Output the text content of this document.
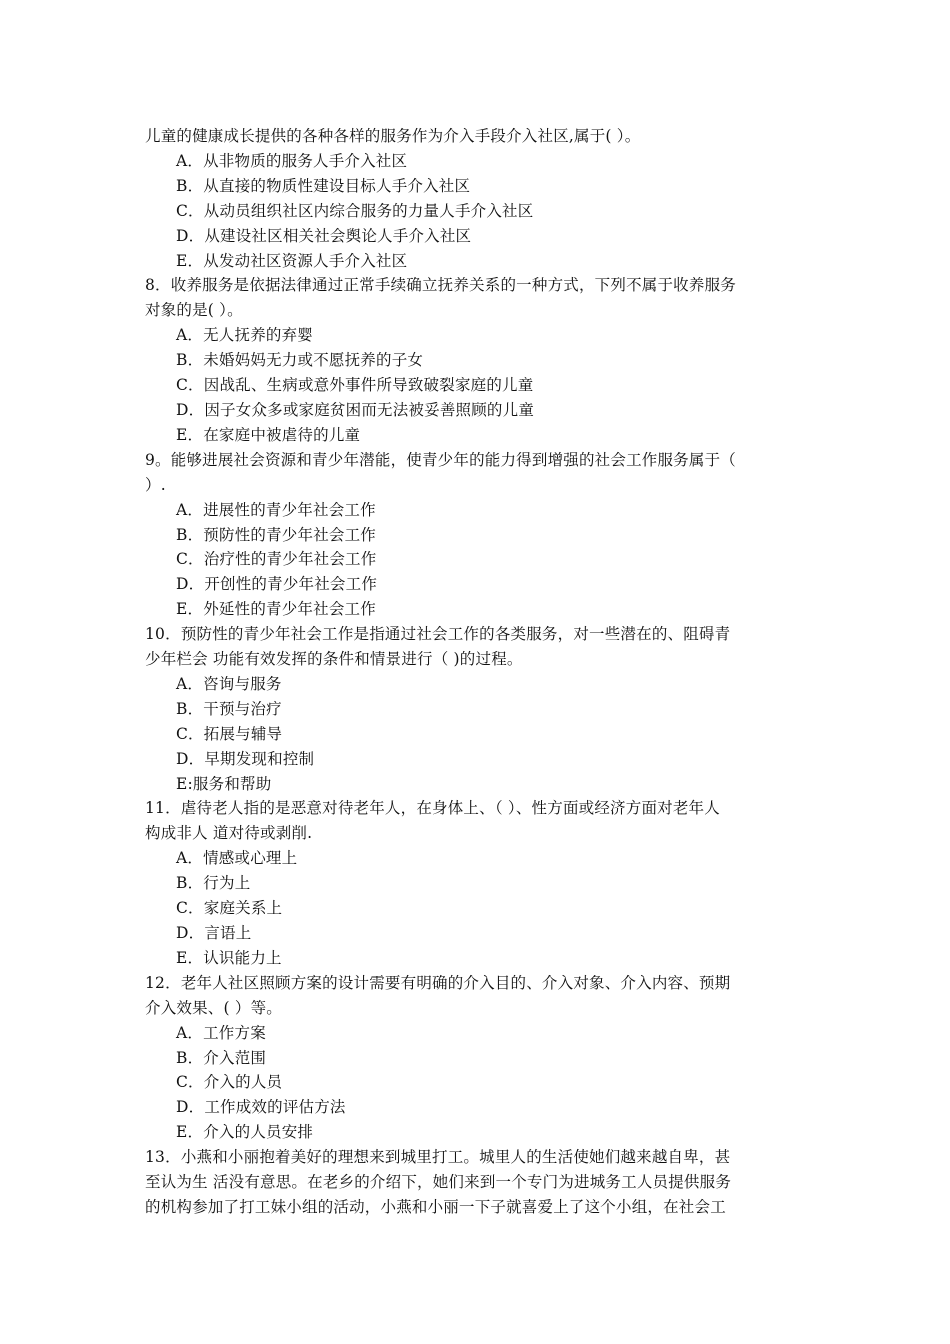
儿童的健康成长提供的各种各样的服务作为介入手段介入社区,属于( ）。
A．从非物质的服务人手介入社区
B．从直接的物质性建设目标人手介入社区
C．从动员组织社区内综合服务的力量人手介入社区
D．从建设社区相关社会舆论人手介入社区
E．从发动社区资源人手介入社区
8．收养服务是依据法律通过正常手续确立抚养关系的一种方式，下列不属于收养服务
对象的是( ）。
A．无人抚养的弃婴
B．未婚妈妈无力或不愿抚养的子女
C．因战乱、生病或意外事件所导致破裂家庭的儿童
D．因子女众多或家庭贫困而无法被妥善照顾的儿童
E．在家庭中被虐待的儿童
9。能够进展社会资源和青少年潜能，使青少年的能力得到增强的社会工作服务属于（
）.
A．进展性的青少年社会工作
B．预防性的青少年社会工作
C．治疗性的青少年社会工作
D．开创性的青少年社会工作
E．外延性的青少年社会工作
10．预防性的青少年社会工作是指通过社会工作的各类服务，对一些潜在的、阻碍青
少年栏会 功能有效发挥的条件和情景进行（ )的过程。
A．咨询与服务
B．干预与治疗
C．拓展与辅导
D．早期发现和控制
E:服务和帮助
11．虐待老人指的是恶意对待老年人，在身体上、（ ）、性方面或经济方面对老年人
构成非人 道对待或剥削.
A．情感或心理上
B．行为上
C．家庭关系上
D．言语上
E．认识能力上
12．老年人社区照顾方案的设计需要有明确的介入目的、介入对象、介入内容、预期
介入效果、( ）等。
A．工作方案
B．介入范围
C．介入的人员
D．工作成效的评估方法
E．介入的人员安排
13．小燕和小丽抱着美好的理想来到城里打工。城里人的生活使她们越来越自卑，甚
至认为生 活没有意思。在老乡的介绍下，她们来到一个专门为进城务工人员提供服务
的机构参加了打工妹小组的活动，小燕和小丽一下子就喜爱上了这个小组，在社会工
